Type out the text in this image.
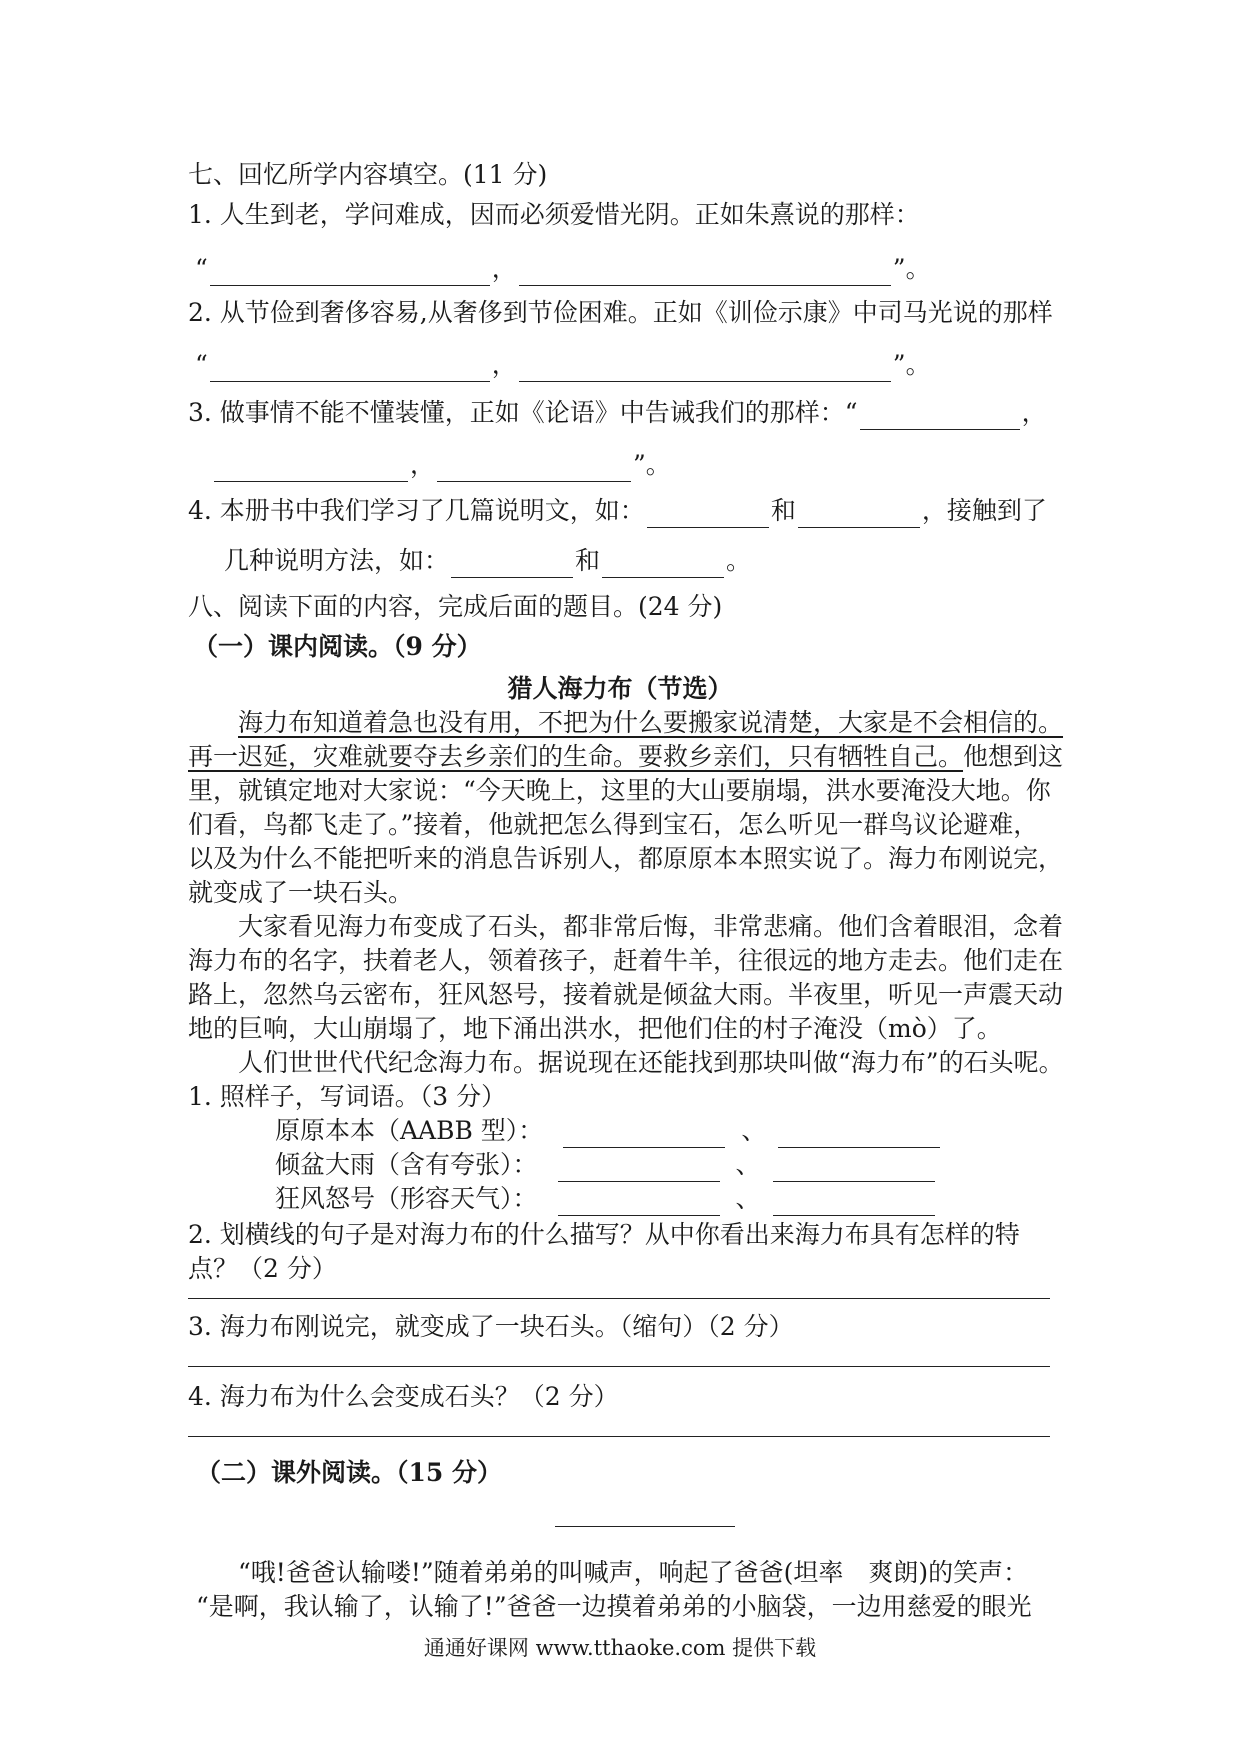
七、回忆所学内容填空。(11 分)
1. 人生到老，学问难成，因而必须爱惜光阴。正如朱熹说的那样：
“	，	”。
2. 从节俭到奢侈容易,从奢侈到节俭困难。正如《训俭示康》中司马光说的那样
“	，	”。
3. 做事情不能不懂装懂，正如《论语》中告诫我们的那样：“	，
，	”。
4. 本册书中我们学习了几篇说明文，如：	和	，接触到了
几种说明方法，如：	和	。
八、阅读下面的内容，完成后面的题目。(24 分)
（一）课内阅读。（9 分）
猎人海力布（节选）
海力布知道着急也没有用，不把为什么要搬家说清楚，大家是不会相信的。
再一迟延，灾难就要夺去乡亲们的生命。要救乡亲们，只有牺牲自己。他想到这
里，就镇定地对大家说：“今天晚上，这里的大山要崩塌，洪水要淹没大地。你
们看，鸟都飞走了。”接着，他就把怎么得到宝石，怎么听见一群鸟议论避难，
以及为什么不能把听来的消息告诉别人，都原原本本照实说了。海力布刚说完，
就变成了一块石头。
大家看见海力布变成了石头，都非常后悔，非常悲痛。他们含着眼泪，念着
海力布的名字，扶着老人，领着孩子，赶着牛羊，往很远的地方走去。他们走在
路上，忽然乌云密布，狂风怒号，接着就是倾盆大雨。半夜里，听见一声震天动
地的巨响，大山崩塌了，地下涌出洪水，把他们住的村子淹没（mò）了。
人们世世代代纪念海力布。据说现在还能找到那块叫做“海力布”的石头呢。
1. 照样子，写词语。（3 分）
原原本本（AABB 型）：	、
倾盆大雨（含有夸张）：	、
狂风怒号（形容天气）：	、
2. 划横线的句子是对海力布的什么描写？从中你看出来海力布具有怎样的特
点？（2 分）
3. 海力布刚说完，就变成了一块石头。（缩句）（2 分）
4. 海力布为什么会变成石头？（2 分）
（二）课外阅读。（15 分）
“哦!爸爸认输喽!”随着弟弟的叫喊声，响起了爸爸(坦率　爽朗)的笑声：
“是啊，我认输了，认输了!”爸爸一边摸着弟弟的小脑袋，一边用慈爱的眼光
通通好课网 www.tthaoke.com 提供下载
